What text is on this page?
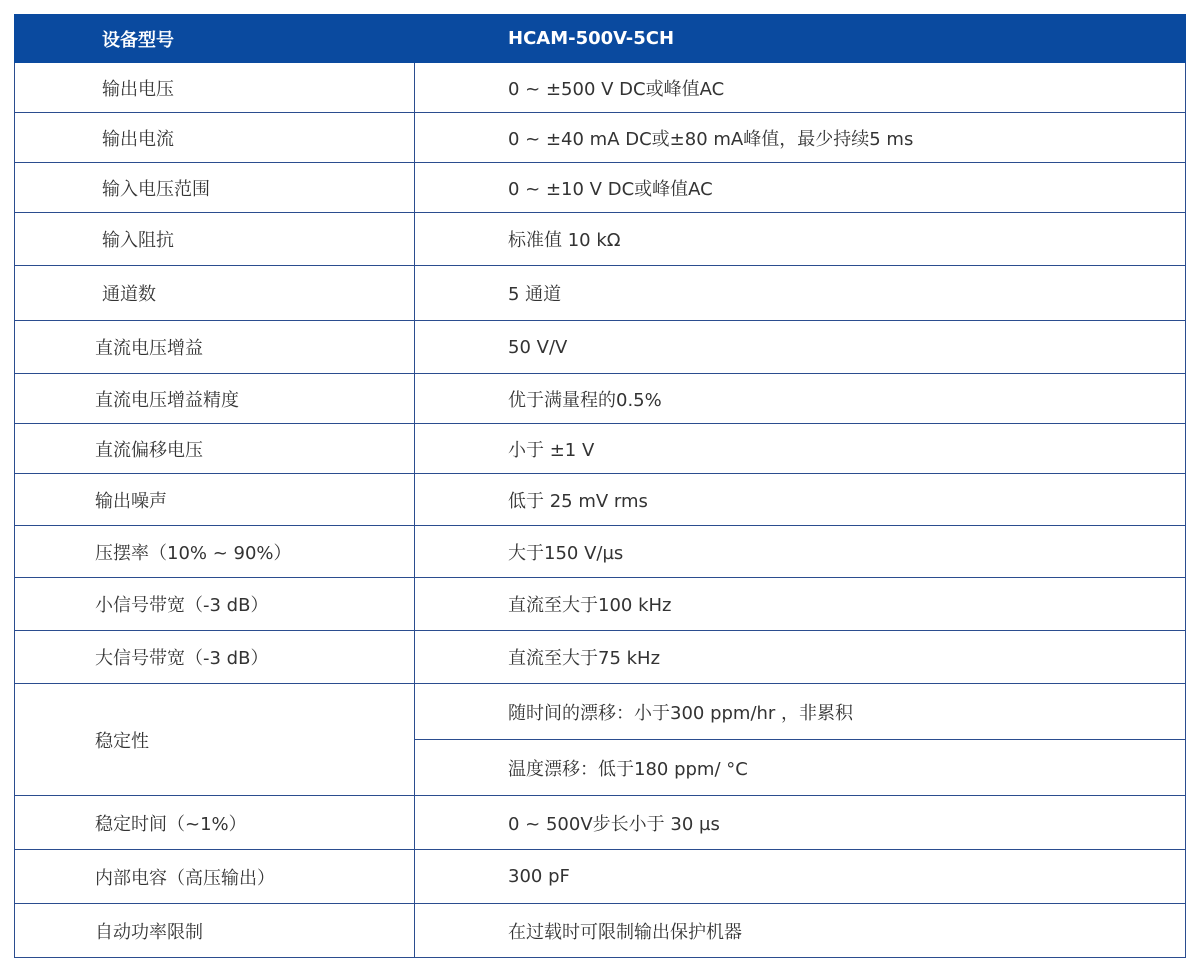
设备型号	HCAM-500V-5CH
输出电压	0 ~ ±500 V DC或峰值AC
输出电流	0 ~ ±40 mA DC或±80 mA峰值，最少持续5 ms
输入电压范围	0 ~ ±10 V DC或峰值AC
输入阻抗	标准值 10 kΩ
通道数	5 通道
直流电压增益	50 V/V
直流电压增益精度	优于满量程的0.5%
直流偏移电压	小于 ±1 V
输出噪声	低于 25 mV rms
压摆率（10% ~ 90%）	大于150 V/µs
小信号带宽（-3 dB）	直流至大于100 kHz
大信号带宽（-3 dB）	直流至大于75 kHz
稳定性	随时间的漂移：小于300 ppm/hr ，非累积
	温度漂移：低于180 ppm/ °C
稳定时间（~1%）	0 ~ 500V步长小于 30 µs
内部电容（高压输出）	300 pF
自动功率限制	在过载时可限制输出保护机器
